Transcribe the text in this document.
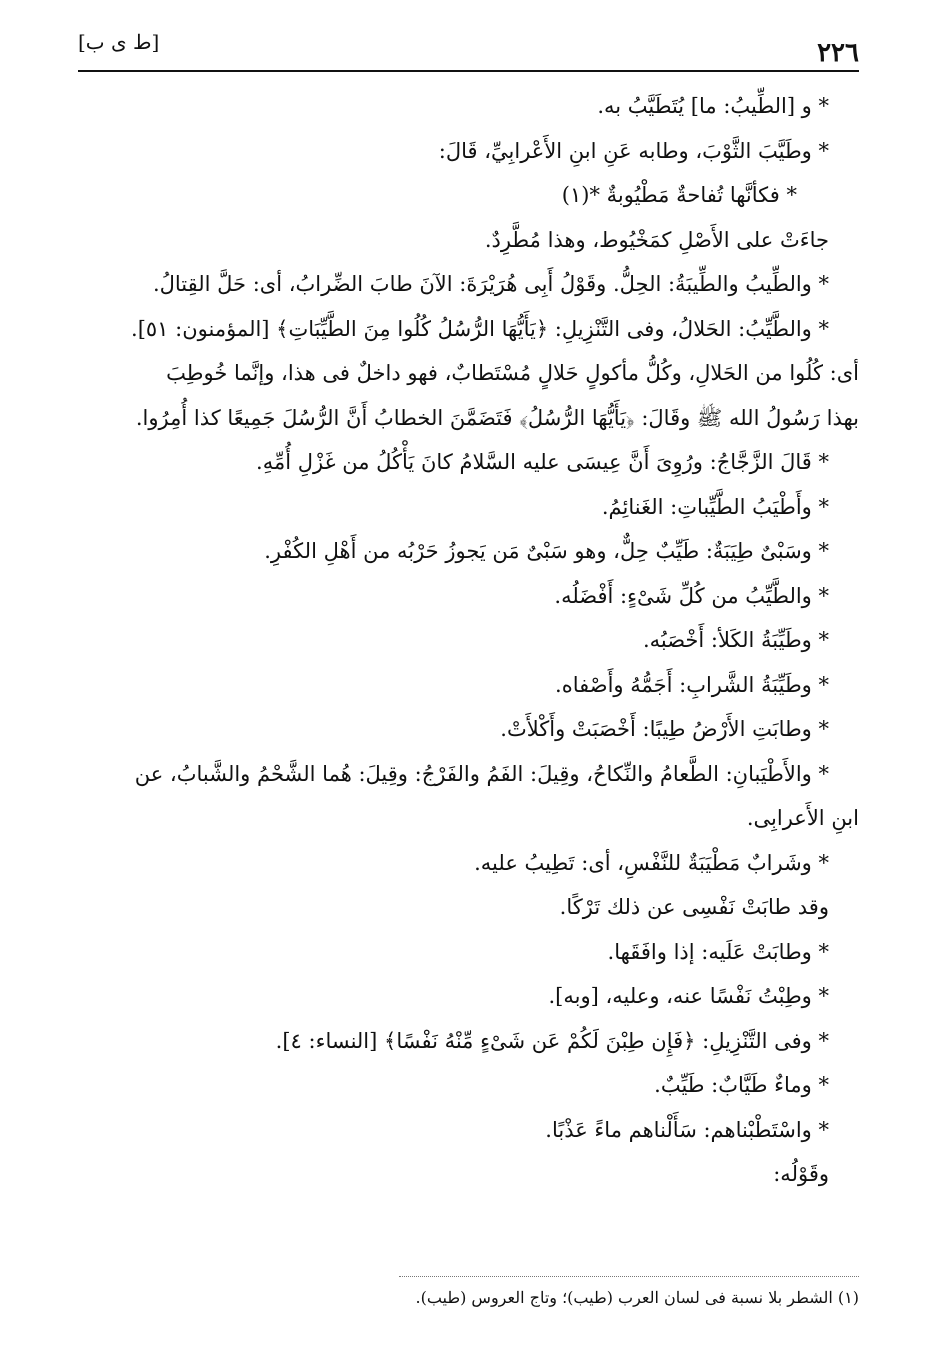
٢٢٦
[ط ى ب]
* و [الطِّيبُ: ما] يُتَطَيَّبُ به.
* وطَيَّبَ الثَّوْبَ، وطابه عَنِ ابنِ الأَعْرابِيِّ، قَالَ:
* فكأنَّها تُفاحةٌ مَطْيُوبةٌ *(١)
جاءَتْ على الأَصْلِ كمَخْيُوط، وهذا مُطَّرِدٌ.
* والطِّيبُ والطِّيبَةُ: الحِلُّ. وقَوْلُ أَبِى هُرَيْرَةَ: الآنَ طابَ الضِّرابُ، أى: حَلَّ القِتالُ.
* والطَّيِّبُ: الحَلالُ، وفى التَّنْزِيلِ: ﴿يَأَيُّهَا الرُّسُلُ كُلُوا مِنَ الطَّيِّبَاتِ﴾ [المؤمنون: ٥١].
أى: كُلُوا من الحَلالِ، وكُلُّ مأكولٍ حَلالٍ مُسْتَطابٌ، فهو داخلٌ فى هذا، وإنَّما خُوطِبَ
بهذا رَسُولُ الله ﷺ وقَالَ: ﴿يَأَيُّهَا الرُّسُلُ﴾ فَتَضَمَّنَ الخطابُ أَنَّ الرُّسُلَ جَمِيعًا كذا أُمِرُوا.
* قَالَ الزَّجَّاجُ: ورُوِىَ أَنَّ عِيسَى عليه السَّلامُ كانَ يَأْكُلُ من غَزْلِ أُمِّهِ.
* وأَطْيَبُ الطَّيِّباتِ: الغَنائِمُ.
* وسَبْىٌ طِيَبَةٌ: طَيِّبٌ حِلٌّ، وهو سَبْىٌ مَن يَجوزُ حَرْبُه من أَهْلِ الكُفْرِ.
* والطَّيِّبُ من كُلِّ شَىْءٍ: أَفْضَلُه.
* وطَيِّبَةُ الكَلأ: أَخْصَبُه.
* وطَيِّبَةُ الشَّرابِ: أَجَمُّهُ وأَصْفاه.
* وطابَتِ الأَرْضُ طِيبًا: أَخْصَبَتْ وأَكْلأَتْ.
* والأَطْيَبانِ: الطَّعامُ والنِّكاحُ، وقِيلَ: الفَمُ والفَرْجُ: وقِيلَ: هُما الشَّحْمُ والشَّبابُ، عن
ابنِ الأَعرابِى.
* وشَرابٌ مَطْيَبَةٌ للنَّفْسِ، أى: تَطِيبُ عليه.
وقد طابَتْ نَفْسِى عن ذلك تَرْكًا.
* وطابَتْ عَلَيه: إذا وافَقَها.
* وطِبْتُ نَفْسًا عنه، وعليه، [وبه].
* وفى التَّنْزِيلِ: ﴿فَإِن طِبْنَ لَكُمْ عَن شَىْءٍ مِّنْهُ نَفْسًا﴾ [النساء: ٤].
* وماءٌ طَيَّابٌ: طَيِّبٌ.
* واسْتَطْبْناهم: سَأَلْناهم ماءً عَذْبًا.
وقَوْلُه:
(١) الشطر بلا نسبة فى لسان العرب (طيب)؛ وتاج العروس (طيب).
